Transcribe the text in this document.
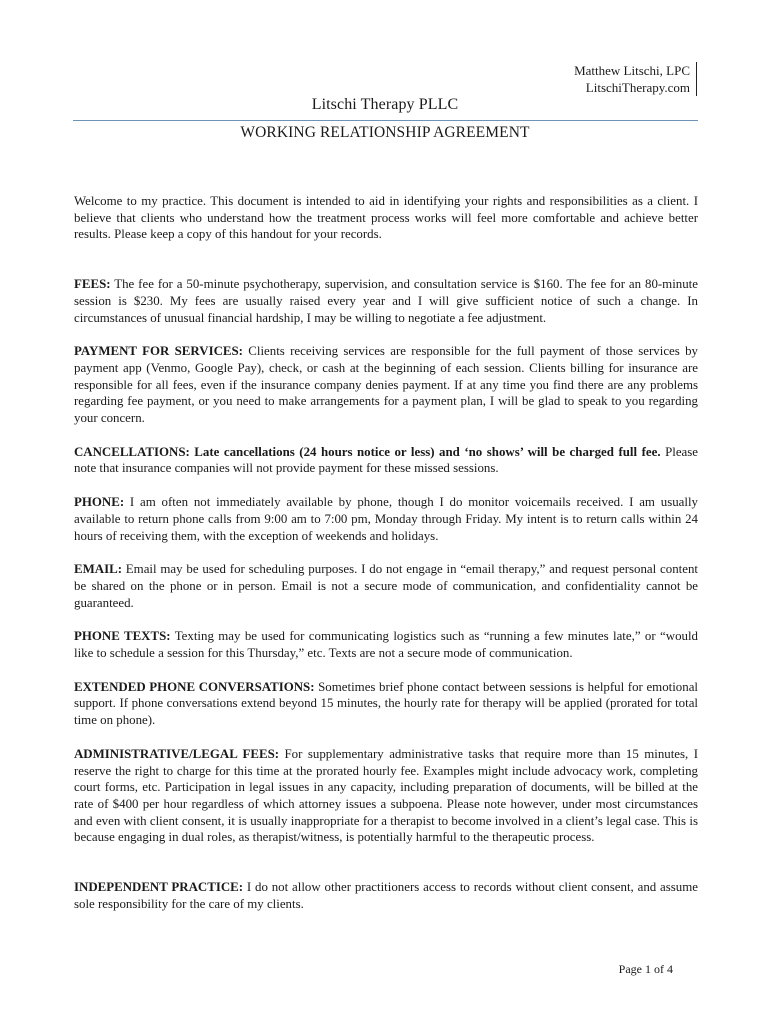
Matthew Litschi, LPC
LitschiTherapy.com
Litschi Therapy PLLC
WORKING RELATIONSHIP AGREEMENT

Welcome to my practice. This document is intended to aid in identifying your rights and responsibilities as a client. I believe that clients who understand how the treatment process works will feel more comfortable and achieve better results. Please keep a copy of this handout for your records.

FEES: The fee for a 50-minute psychotherapy, supervision, and consultation service is $160. The fee for an 80-minute session is $230. My fees are usually raised every year and I will give sufficient notice of such a change. In circumstances of unusual financial hardship, I may be willing to negotiate a fee adjustment.

PAYMENT FOR SERVICES: Clients receiving services are responsible for the full payment of those services by payment app (Venmo, Google Pay), check, or cash at the beginning of each session. Clients billing for insurance are responsible for all fees, even if the insurance company denies payment. If at any time you find there are any problems regarding fee payment, or you need to make arrangements for a payment plan, I will be glad to speak to you regarding your concern.

CANCELLATIONS: Late cancellations (24 hours notice or less) and ‘no shows’ will be charged full fee. Please note that insurance companies will not provide payment for these missed sessions.

PHONE: I am often not immediately available by phone, though I do monitor voicemails received. I am usually available to return phone calls from 9:00 am to 7:00 pm, Monday through Friday. My intent is to return calls within 24 hours of receiving them, with the exception of weekends and holidays.

EMAIL: Email may be used for scheduling purposes. I do not engage in “email therapy,” and request personal content be shared on the phone or in person. Email is not a secure mode of communication, and confidentiality cannot be guaranteed.

PHONE TEXTS: Texting may be used for communicating logistics such as “running a few minutes late,” or “would like to schedule a session for this Thursday,” etc. Texts are not a secure mode of communication.

EXTENDED PHONE CONVERSATIONS: Sometimes brief phone contact between sessions is helpful for emotional support. If phone conversations extend beyond 15 minutes, the hourly rate for therapy will be applied (prorated for total time on phone).

ADMINISTRATIVE/LEGAL FEES: For supplementary administrative tasks that require more than 15 minutes, I reserve the right to charge for this time at the prorated hourly fee. Examples might include advocacy work, completing court forms, etc. Participation in legal issues in any capacity, including preparation of documents, will be billed at the rate of $400 per hour regardless of which attorney issues a subpoena. Please note however, under most circumstances and even with client consent, it is usually inappropriate for a therapist to become involved in a client’s legal case. This is because engaging in dual roles, as therapist/witness, is potentially harmful to the therapeutic process.

INDEPENDENT PRACTICE: I do not allow other practitioners access to records without client consent, and assume sole responsibility for the care of my clients.

Page 1 of 4
